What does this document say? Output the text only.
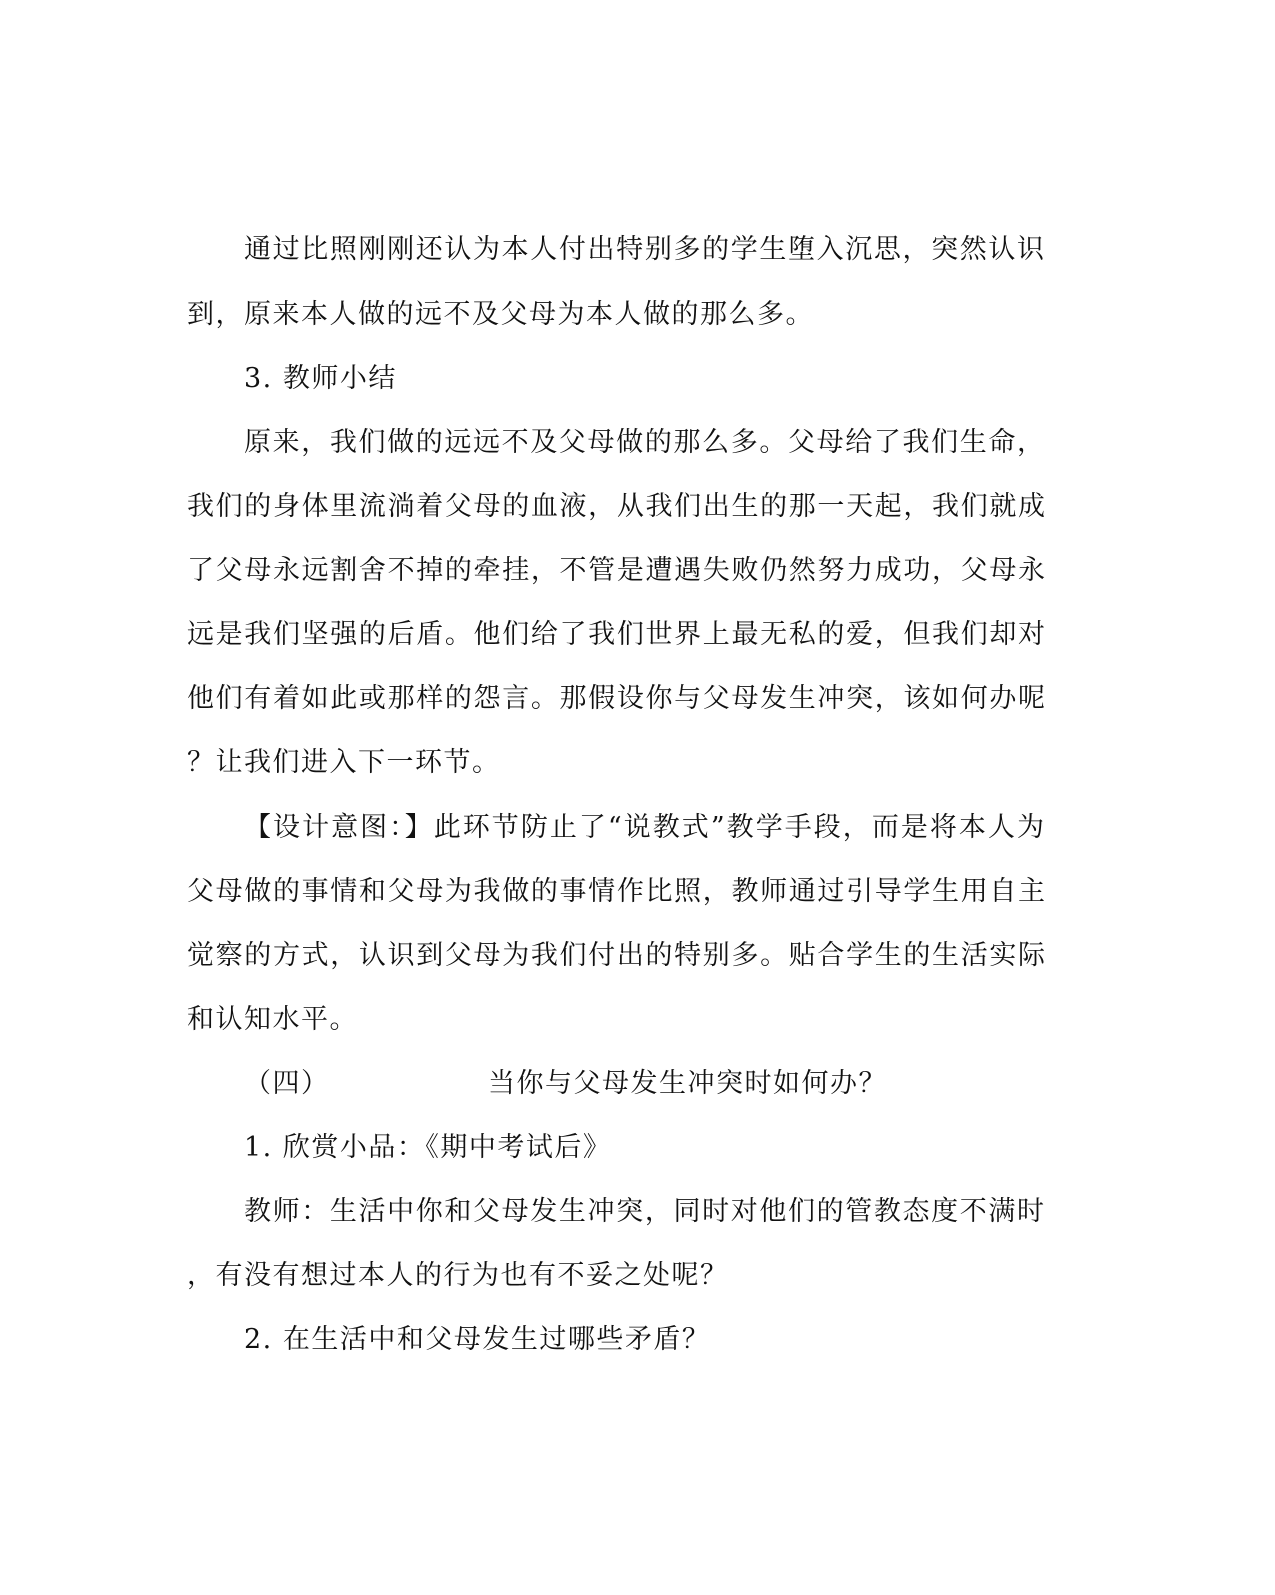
通过比照刚刚还认为本人付出特别多的学生堕入沉思，突然认识
到，原来本人做的远不及父母为本人做的那么多。
3. 教师小结
原来，我们做的远远不及父母做的那么多。父母给了我们生命，
我们的身体里流淌着父母的血液，从我们出生的那一天起，我们就成
了父母永远割舍不掉的牵挂，不管是遭遇失败仍然努力成功，父母永
远是我们坚强的后盾。他们给了我们世界上最无私的爱，但我们却对
他们有着如此或那样的怨言。那假设你与父母发生冲突，该如何办呢
？让我们进入下一环节。
【设计意图：】此环节防止了“说教式”教学手段，而是将本人为
父母做的事情和父母为我做的事情作比照，教师通过引导学生用自主
觉察的方式，认识到父母为我们付出的特别多。贴合学生的生活实际
和认知水平。
（四）	当你与父母发生冲突时如何办？
1. 欣赏小品：《期中考试后》
教师：生活中你和父母发生冲突，同时对他们的管教态度不满时
，有没有想过本人的行为也有不妥之处呢？
2. 在生活中和父母发生过哪些矛盾？
